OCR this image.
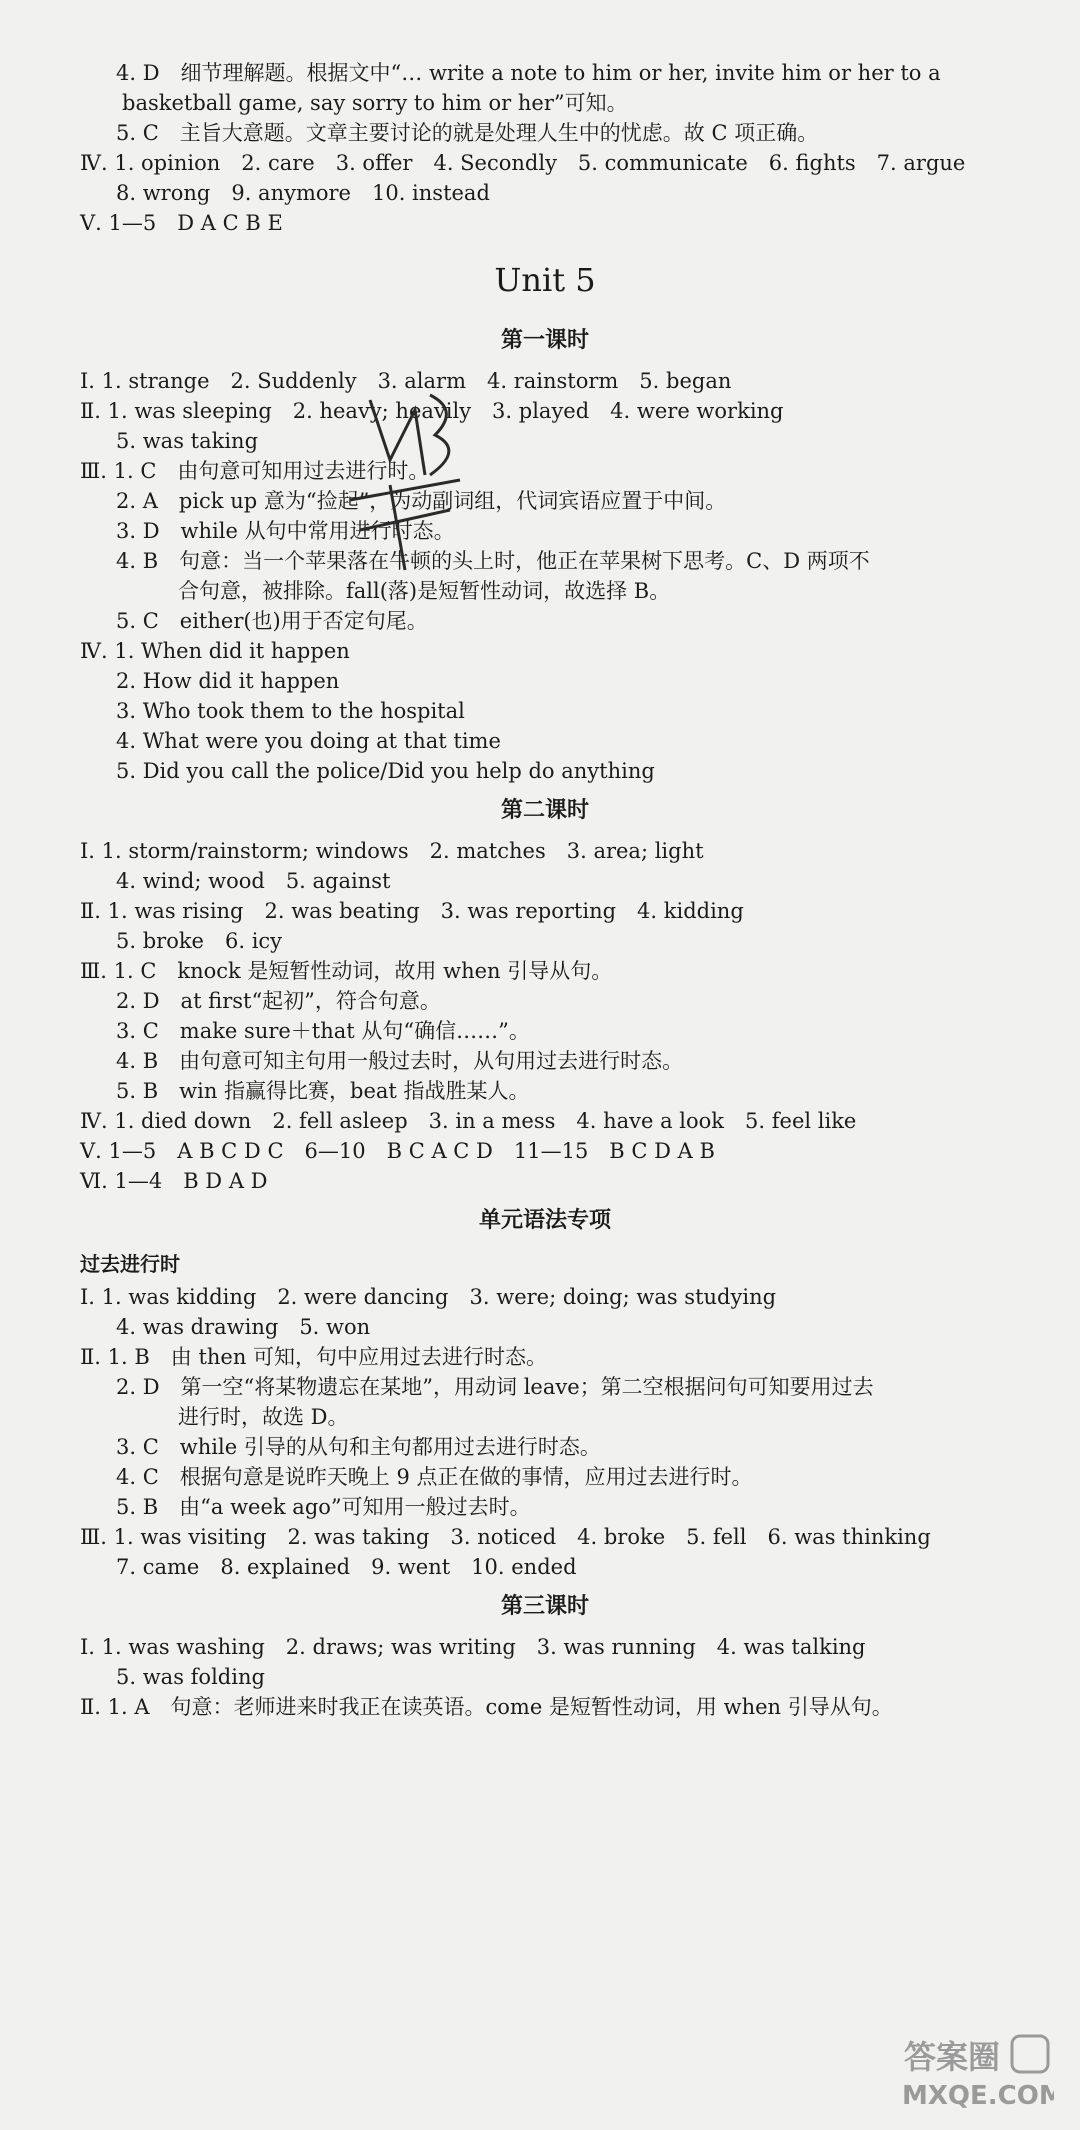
4. D　细节理解题。根据文中“… write a note to him or her, invite him or her to a
　　basketball game, say sorry to him or her”可知。
5. C　主旨大意题。文章主要讨论的就是处理人生中的忧虑。故 C 项正确。
Ⅳ. 1. opinion　2. care　3. offer　4. Secondly　5. communicate　6. fights　7. argue
8. wrong　9. anymore　10. instead
Ⅴ. 1—5　D A C B E
Unit 5
第一课时
Ⅰ. 1. strange　2. Suddenly　3. alarm　4. rainstorm　5. began
Ⅱ. 1. was sleeping　2. heavy; heavily　3. played　4. were working
5. was taking
Ⅲ. 1. C　由句意可知用过去进行时。
2. A　pick up 意为“捡起”，为动副词组，代词宾语应置于中间。
3. D　while 从句中常用进行时态。
4. B　句意：当一个苹果落在牛顿的头上时，他正在苹果树下思考。C、D 两项不
合句意，被排除。fall(落)是短暂性动词，故选择 B。
5. C　either(也)用于否定句尾。
Ⅳ. 1. When did it happen
2. How did it happen
3. Who took them to the hospital
4. What were you doing at that time
5. Did you call the police/Did you help do anything
第二课时
Ⅰ. 1. storm/rainstorm; windows　2. matches　3. area; light
4. wind; wood　5. against
Ⅱ. 1. was rising　2. was beating　3. was reporting　4. kidding
5. broke　6. icy
Ⅲ. 1. C　knock 是短暂性动词，故用 when 引导从句。
2. D　at first“起初”，符合句意。
3. C　make sure＋that 从句“确信……”。
4. B　由句意可知主句用一般过去时，从句用过去进行时态。
5. B　win 指赢得比赛，beat 指战胜某人。
Ⅳ. 1. died down　2. fell asleep　3. in a mess　4. have a look　5. feel like
Ⅴ. 1—5　A B C D C　6—10　B C A C D　11—15　B C D A B
Ⅵ. 1—4　B D A D
单元语法专项
过去进行时
Ⅰ. 1. was kidding　2. were dancing　3. were; doing; was studying
4. was drawing　5. won
Ⅱ. 1. B　由 then 可知，句中应用过去进行时态。
2. D　第一空“将某物遗忘在某地”，用动词 leave；第二空根据问句可知要用过去
进行时，故选 D。
3. C　while 引导的从句和主句都用过去进行时态。
4. C　根据句意是说昨天晚上 9 点正在做的事情，应用过去进行时。
5. B　由“a week ago”可知用一般过去时。
Ⅲ. 1. was visiting　2. was taking　3. noticed　4. broke　5. fell　6. was thinking
7. came　8. explained　9. went　10. ended
第三课时
Ⅰ. 1. was washing　2. draws; was writing　3. was running　4. was talking
5. was folding
Ⅱ. 1. A　句意：老师进来时我正在读英语。come 是短暂性动词，用 when 引导从句。
答案圈
MXQE.COM
